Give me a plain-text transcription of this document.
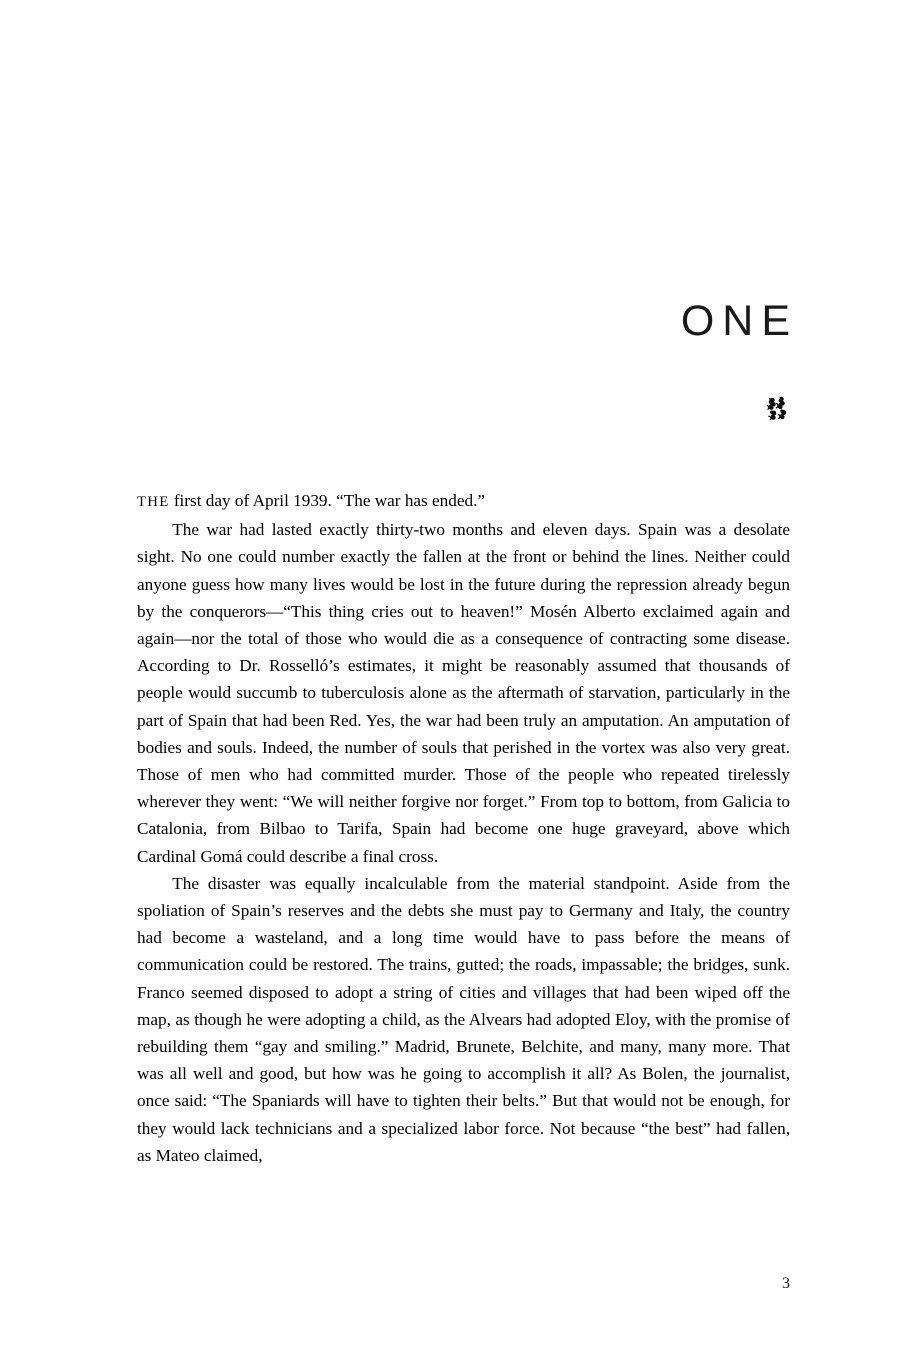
ONE

THE first day of April 1939. “The war has ended.”

The war had lasted exactly thirty-two months and eleven days. Spain was a desolate sight. No one could number exactly the fallen at the front or behind the lines. Neither could anyone guess how many lives would be lost in the future during the repression already begun by the conquerors—“This thing cries out to heaven!” Mosén Alberto exclaimed again and again—nor the total of those who would die as a consequence of contracting some disease. According to Dr. Rosselló’s estimates, it might be reasonably assumed that thousands of people would succumb to tuberculosis alone as the aftermath of starvation, particularly in the part of Spain that had been Red. Yes, the war had been truly an amputation. An amputation of bodies and souls. Indeed, the number of souls that perished in the vortex was also very great. Those of men who had committed murder. Those of the people who repeated tirelessly wherever they went: “We will neither forgive nor forget.” From top to bottom, from Galicia to Catalonia, from Bilbao to Tarifa, Spain had become one huge graveyard, above which Cardinal Gomá could describe a final cross.

The disaster was equally incalculable from the material standpoint. Aside from the spoliation of Spain’s reserves and the debts she must pay to Germany and Italy, the country had become a wasteland, and a long time would have to pass before the means of communication could be restored. The trains, gutted; the roads, impassable; the bridges, sunk. Franco seemed disposed to adopt a string of cities and villages that had been wiped off the map, as though he were adopting a child, as the Alvears had adopted Eloy, with the promise of rebuilding them “gay and smiling.” Madrid, Brunete, Belchite, and many, many more. That was all well and good, but how was he going to accomplish it all? As Bolen, the journalist, once said: “The Spaniards will have to tighten their belts.” But that would not be enough, for they would lack technicians and a specialized labor force. Not because “the best” had fallen, as Mateo claimed,

3
